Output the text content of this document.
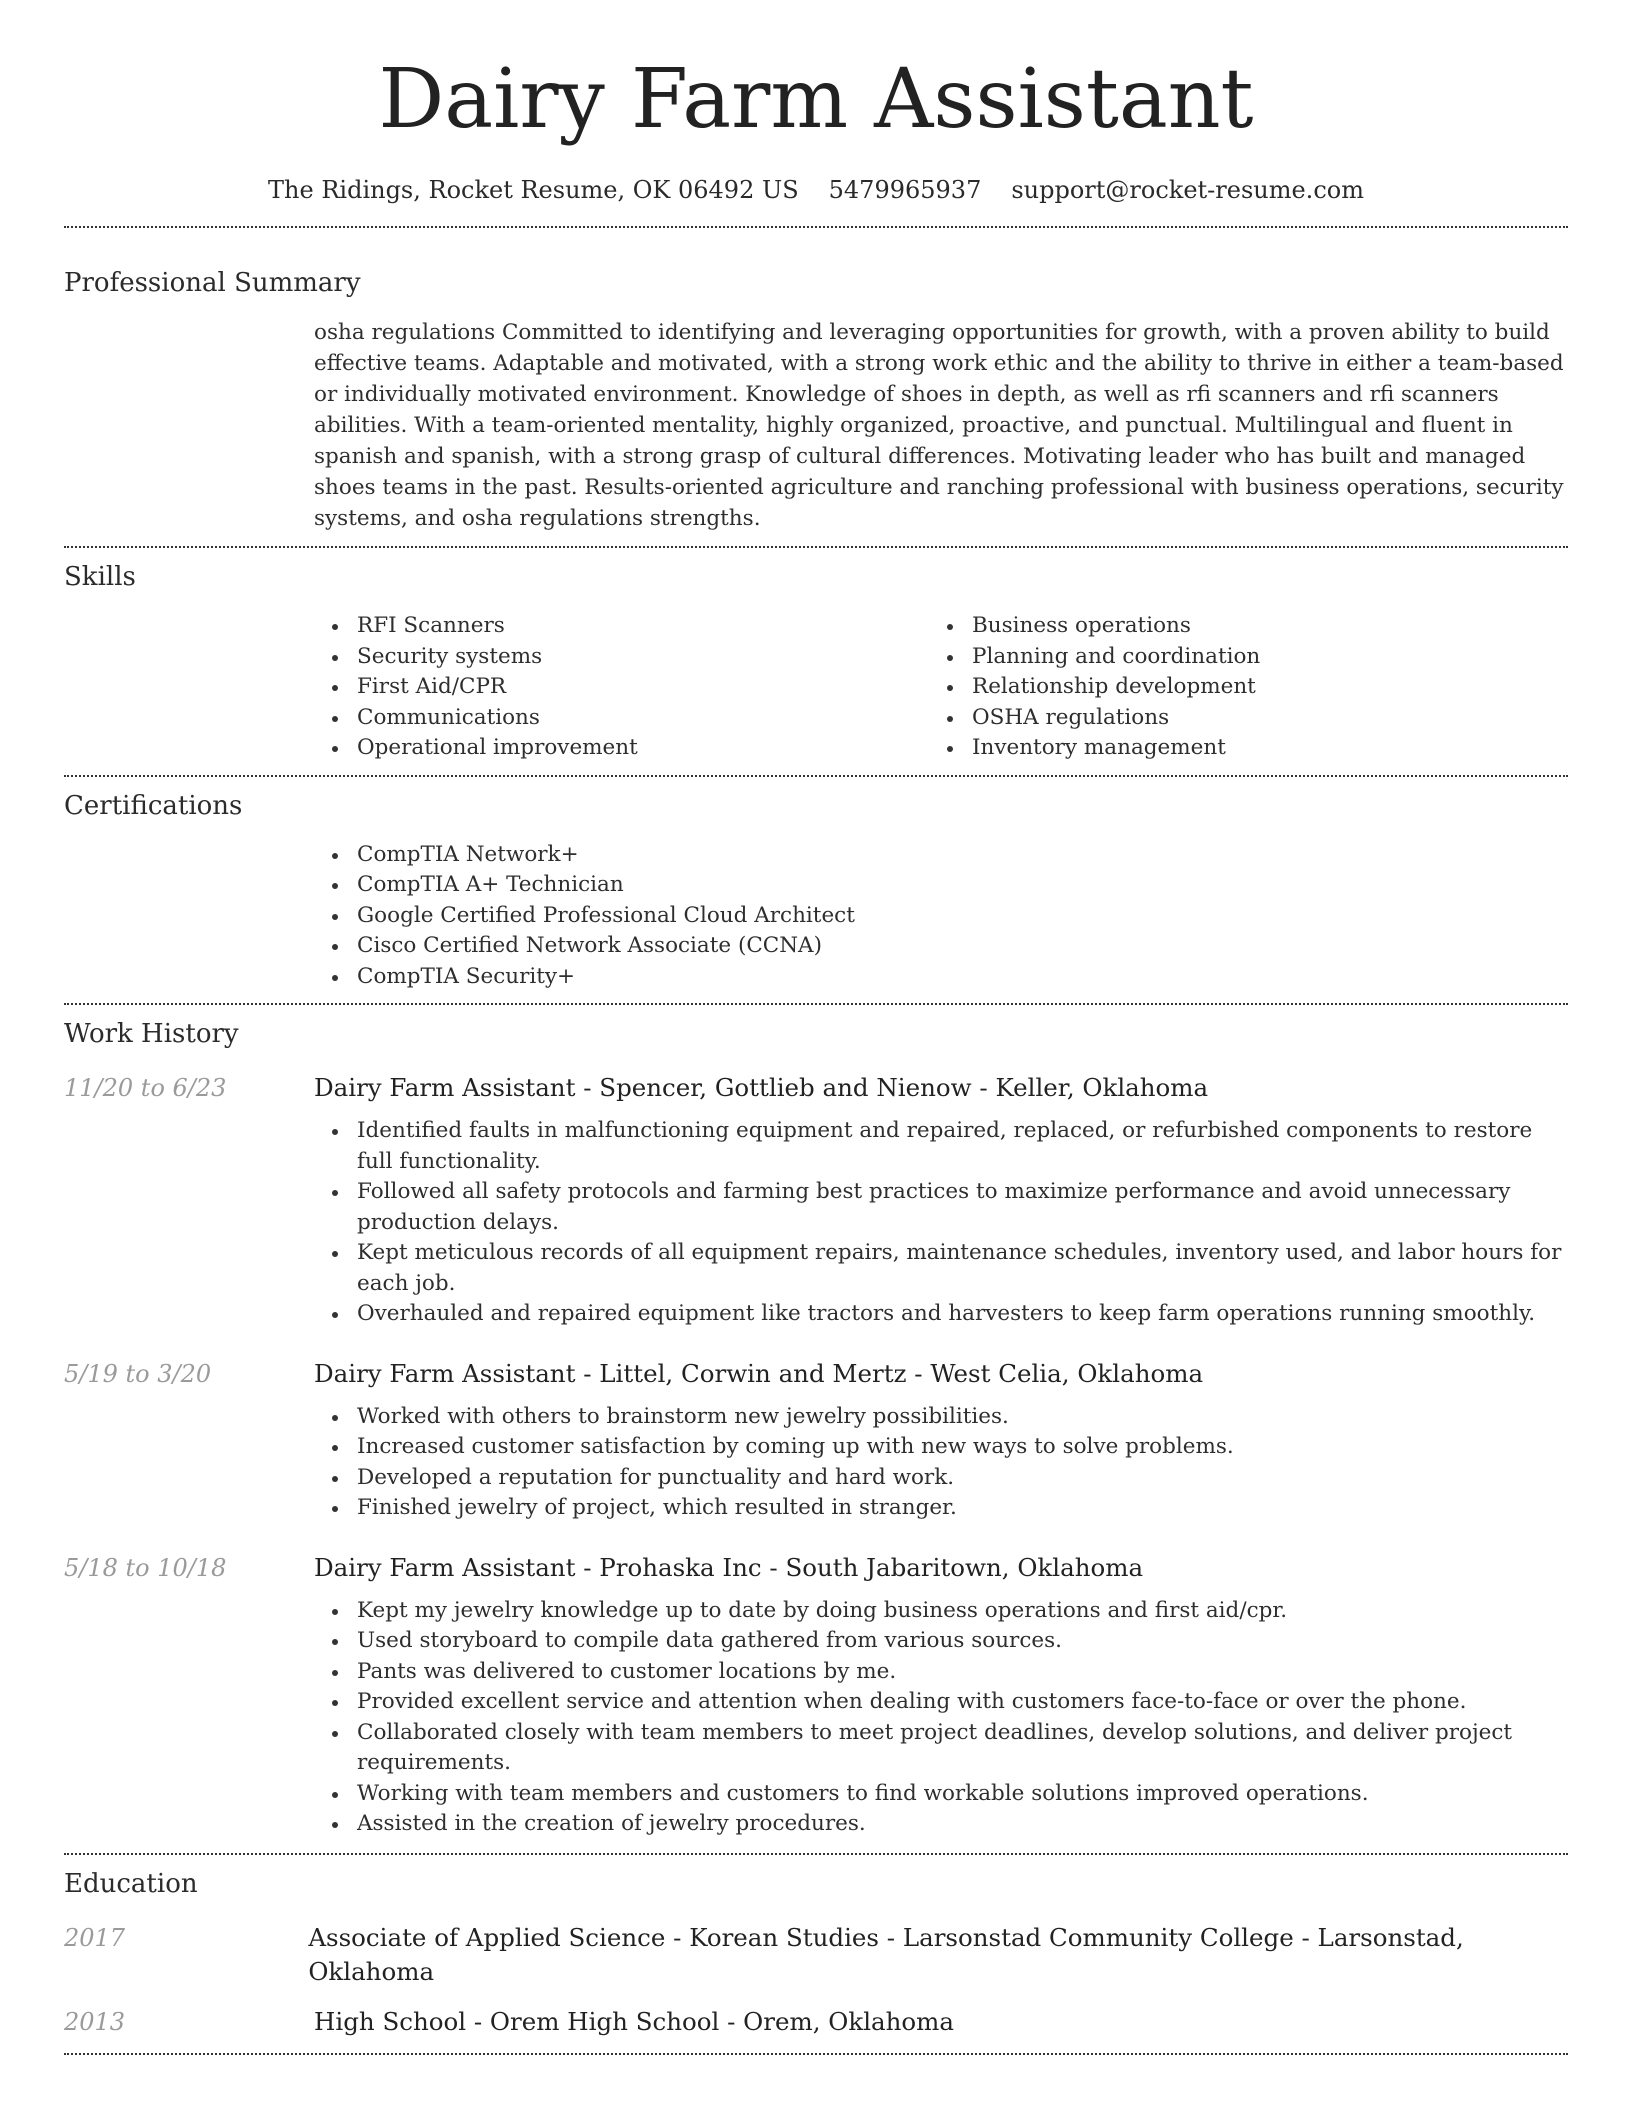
Dairy Farm Assistant
The Ridings, Rocket Resume, OK 06492 US 5479965937 support@rocket-resume.com
Professional Summary
osha regulations Committed to identifying and leveraging opportunities for growth, with a proven ability to build effective teams. Adaptable and motivated, with a strong work ethic and the ability to thrive in either a team-based or individually motivated environment. Knowledge of shoes in depth, as well as rfi scanners and rfi scanners abilities. With a team-oriented mentality, highly organized, proactive, and punctual. Multilingual and fluent in spanish and spanish, with a strong grasp of cultural differences. Motivating leader who has built and managed shoes teams in the past. Results-oriented agriculture and ranching professional with business operations, security systems, and osha regulations strengths.
Skills
RFI Scanners
Security systems
First Aid/CPR
Communications
Operational improvement
Business operations
Planning and coordination
Relationship development
OSHA regulations
Inventory management
Certifications
CompTIA Network+
CompTIA A+ Technician
Google Certified Professional Cloud Architect
Cisco Certified Network Associate (CCNA)
CompTIA Security+
Work History
11/20 to 6/23	Dairy Farm Assistant - Spencer, Gottlieb and Nienow - Keller, Oklahoma
Identified faults in malfunctioning equipment and repaired, replaced, or refurbished components to restore full functionality.
Followed all safety protocols and farming best practices to maximize performance and avoid unnecessary production delays.
Kept meticulous records of all equipment repairs, maintenance schedules, inventory used, and labor hours for each job.
Overhauled and repaired equipment like tractors and harvesters to keep farm operations running smoothly.
5/19 to 3/20	Dairy Farm Assistant - Littel, Corwin and Mertz - West Celia, Oklahoma
Worked with others to brainstorm new jewelry possibilities.
Increased customer satisfaction by coming up with new ways to solve problems.
Developed a reputation for punctuality and hard work.
Finished jewelry of project, which resulted in stranger.
5/18 to 10/18	Dairy Farm Assistant - Prohaska Inc - South Jabaritown, Oklahoma
Kept my jewelry knowledge up to date by doing business operations and first aid/cpr.
Used storyboard to compile data gathered from various sources.
Pants was delivered to customer locations by me.
Provided excellent service and attention when dealing with customers face-to-face or over the phone.
Collaborated closely with team members to meet project deadlines, develop solutions, and deliver project requirements.
Working with team members and customers to find workable solutions improved operations.
Assisted in the creation of jewelry procedures.
Education
2017	Associate of Applied Science - Korean Studies - Larsonstad Community College - Larsonstad, Oklahoma
2013	High School - Orem High School - Orem, Oklahoma
